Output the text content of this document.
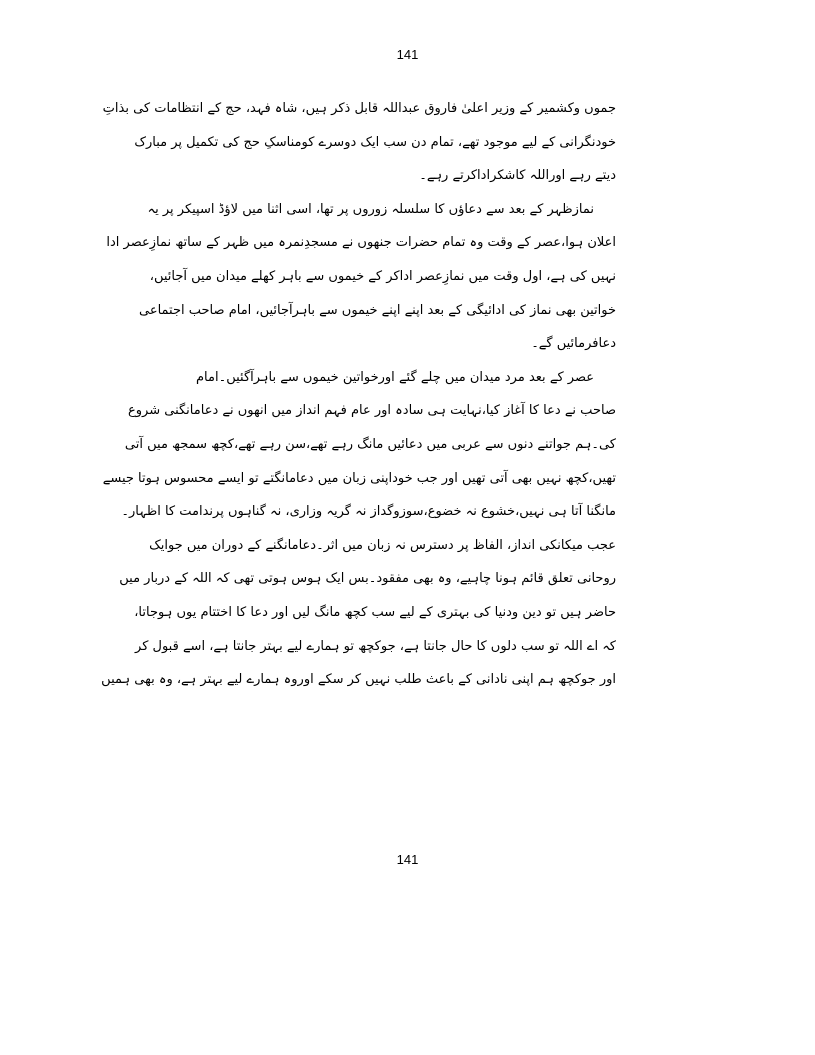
141
جموں وکشمیر کے وزیر اعلیٰ فاروق عبداللہ قابل ذکر ہیں، شاہ فہد، حج کے انتظامات کی بذاتِ
خودنگرانی کے لیے موجود تھے، تمام دن سب ایک دوسرے کومناسکِ حج کی تکمیل پر مبارک
دیتے رہے اوراللہ کاشکراداکرتے رہے۔
نمازظہر کے بعد سے دعاؤں کا سلسلہ زوروں پر تھا، اسی اثنا میں لاؤڈ اسپیکر پر یہ
اعلان ہوا،عصر کے وقت وہ تمام حضرات جنھوں نے مسجدِنمرہ میں ظہر کے ساتھ نمازِعصر ادا
نہیں کی ہے، اول وقت میں نمازِعصر اداکر کے خیموں سے باہر کھلے میدان میں آجائیں،
خواتین بھی نماز کی ادائیگی کے بعد اپنے اپنے خیموں سے باہرآجائیں، امام صاحب اجتماعی
دعافرمائیں گے۔
عصر کے بعد مرد میدان میں چلے گئے اورخواتین خیموں سے باہرآگئیں۔امام
صاحب نے دعا کا آغاز کیا،نہایت ہی سادہ اور عام فہم انداز میں انھوں نے دعامانگنی شروع
کی۔ہم جواتنے دنوں سے عربی میں دعائیں مانگ رہے تھے،سن رہے تھے،کچھ سمجھ میں آتی
تھیں،کچھ نہیں بھی آتی تھیں اور جب خوداپنی زبان میں دعامانگتے تو ایسے محسوس ہوتا جیسے
مانگنا آتا ہی نہیں،خشوع نہ خضوع،سوزوگداز نہ گریہ وزاری، نہ گناہوں پرندامت کا اظہار۔
عجب میکانکی انداز، الفاظ پر دسترس نہ زبان میں اثر۔دعامانگنے کے دوران میں جوایک
روحانی تعلق قائم ہونا چاہیے، وہ بھی مفقود۔بس ایک ہوس ہوتی تھی کہ اللہ کے دربار میں
حاضر ہیں تو دین ودنیا کی بہتری کے لیے سب کچھ مانگ لیں اور دعا کا اختتام یوں ہوجاتا،
کہ اے اللہ تو سب دلوں کا حال جانتا ہے، جوکچھ تو ہمارے لیے بہتر جانتا ہے، اسے قبول کر
اور جوکچھ ہم اپنی نادانی کے باعث طلب نہیں کر سکے اوروہ ہمارے لیے بہتر ہے، وہ بھی ہمیں
141
